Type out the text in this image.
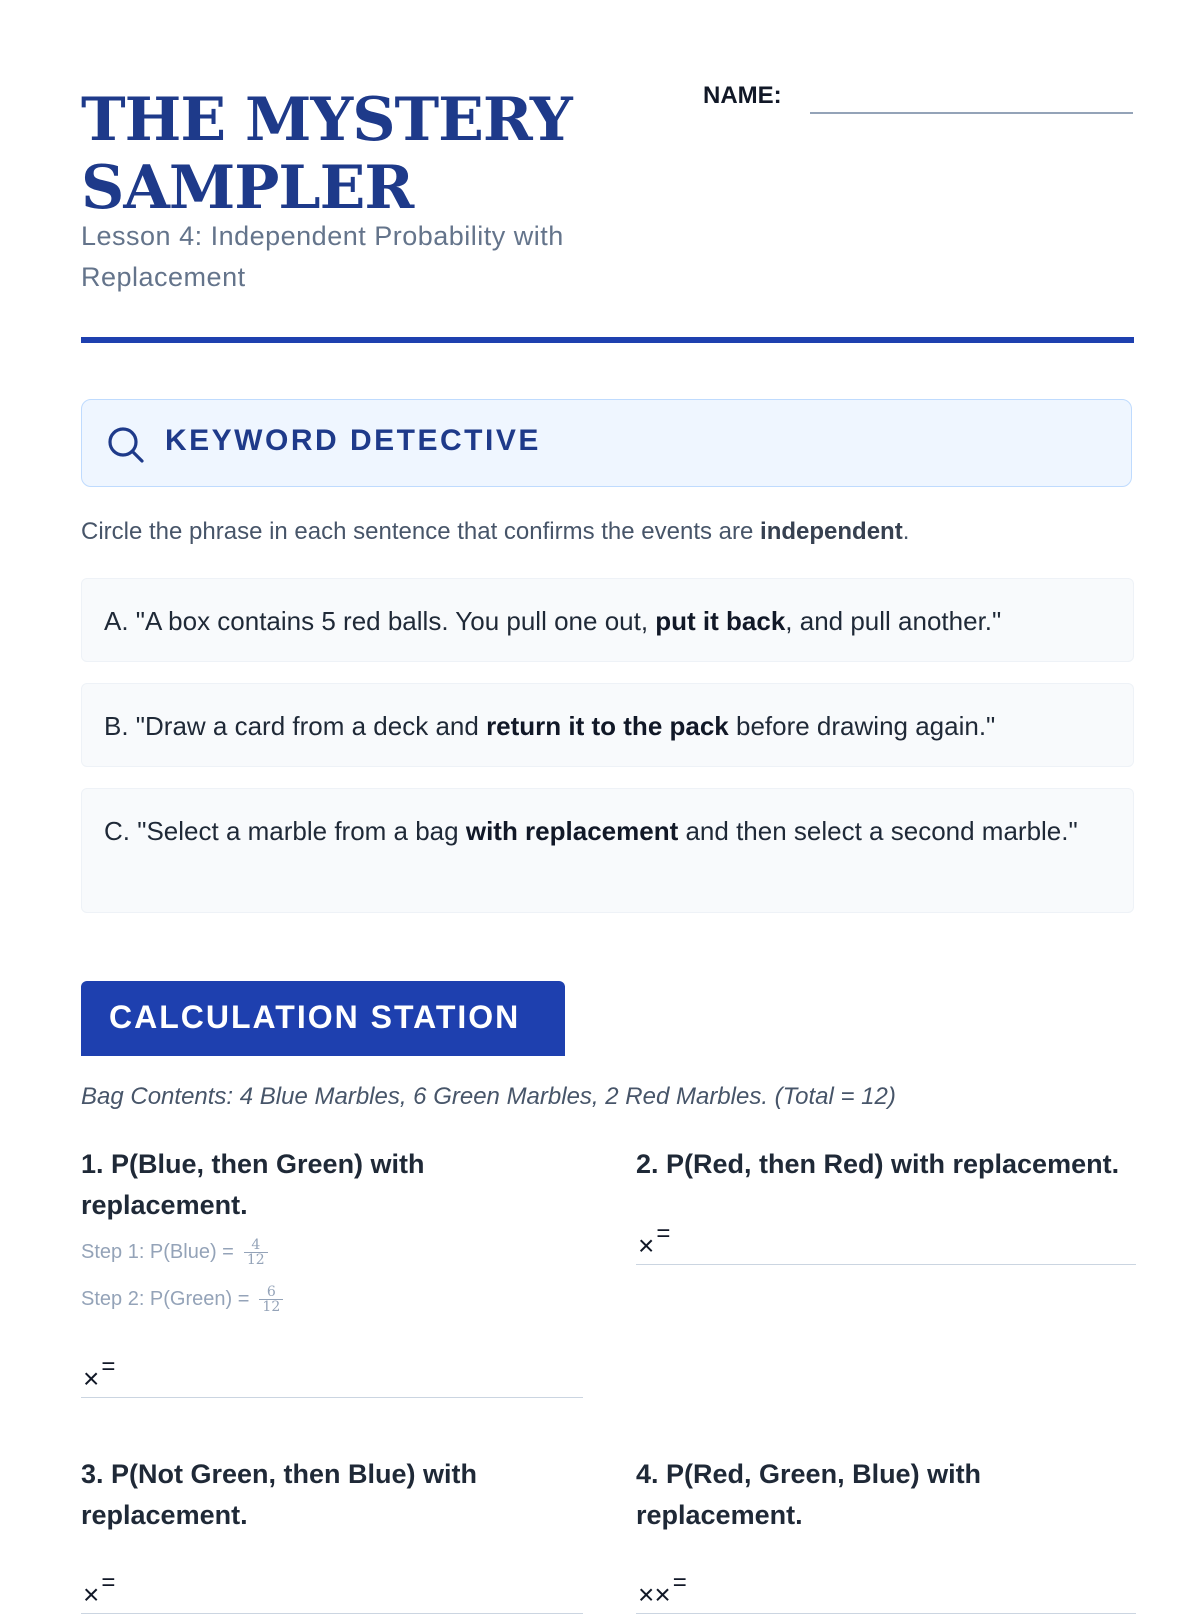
THE MYSTERY
SAMPLER
Lesson 4: Independent Probability with
Replacement
NAME:
KEYWORD DETECTIVE
Circle the phrase in each sentence that confirms the events are independent.
A. "A box contains 5 red balls. You pull one out, put it back, and pull another."
B. "Draw a card from a deck and return it to the pack before drawing again."
C. "Select a marble from a bag with replacement and then select a second marble."
CALCULATION STATION
Bag Contents: 4 Blue Marbles, 6 Green Marbles, 2 Red Marbles. (Total = 12)
1. P(Blue, then Green) with replacement.
Step 1: P(Blue) = $\frac{4}{12}$
Step 2: P(Green) = $\frac{6}{12}$
×=
2. P(Red, then Red) with replacement.
×=
3. P(Not Green, then Blue) with replacement.
×=
4. P(Red, Green, Blue) with replacement.
××=
